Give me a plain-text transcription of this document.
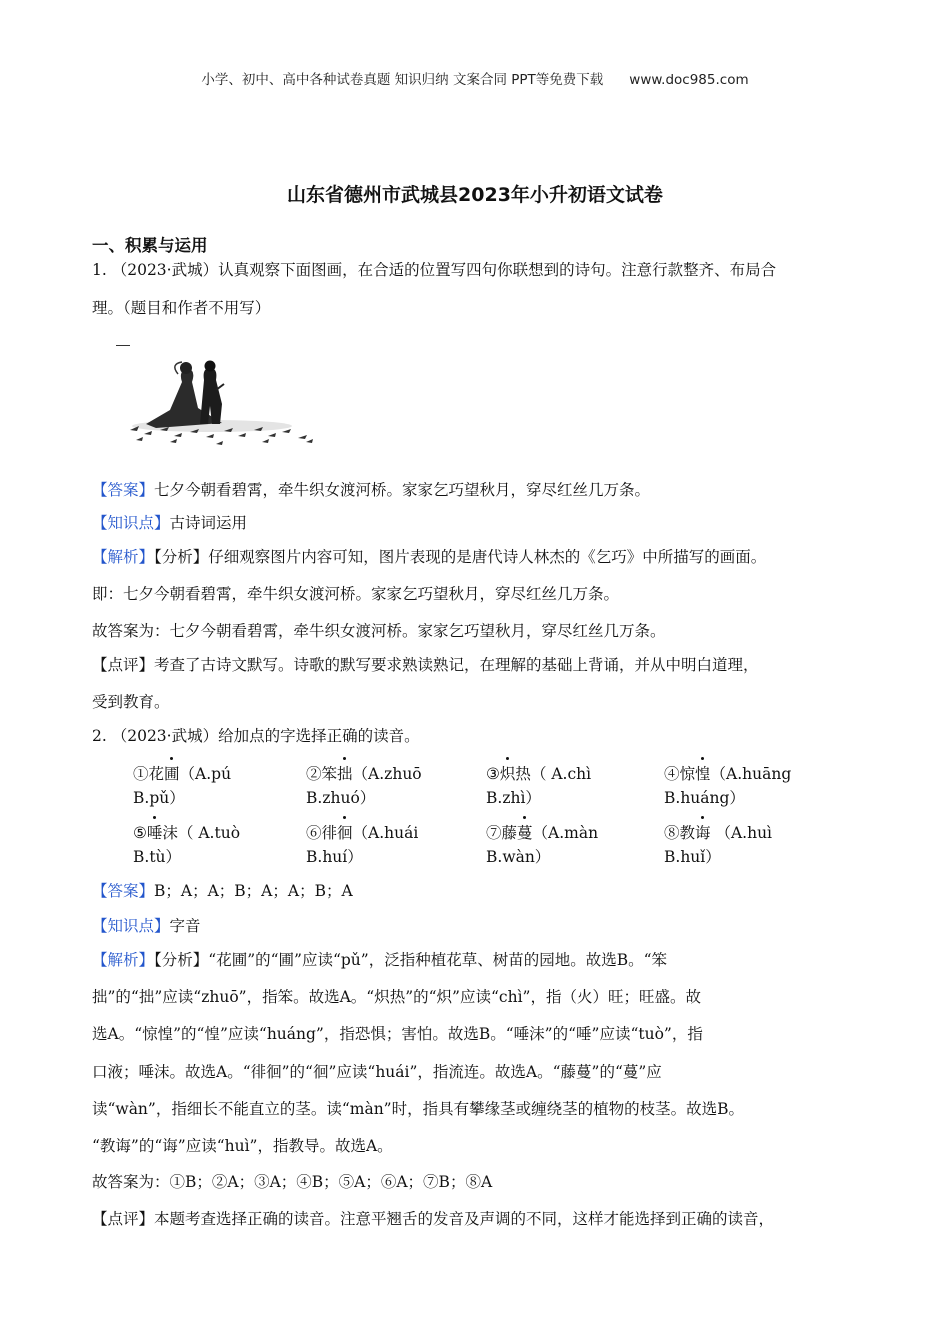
小学、初中、高中各种试卷真题 知识归纳 文案合同 PPT等免费下载 www.doc985.com
山东省德州市武城县2023年小升初语文试卷
一、积累与运用
1. （2023·武城）认真观察下面图画，在合适的位置写四句你联想到的诗句。注意行款整齐、布局合
理。（题目和作者不用写）
【答案】七夕今朝看碧霄，牵牛织女渡河桥。家家乞巧望秋月，穿尽红丝几万条。
【知识点】古诗词运用
【解析】【分析】仔细观察图片内容可知，图片表现的是唐代诗人林杰的《乞巧》中所描写的画面。
即：七夕今朝看碧霄，牵牛织女渡河桥。家家乞巧望秋月，穿尽红丝几万条。
故答案为：七夕今朝看碧霄，牵牛织女渡河桥。家家乞巧望秋月，穿尽红丝几万条。
【点评】考查了古诗文默写。诗歌的默写要求熟读熟记，在理解的基础上背诵，并从中明白道理，
受到教育。
2. （2023·武城）给加点的字选择正确的读音。
①花圃（A.pú
B.pǔ）
②笨拙（A.zhuō
B.zhuó）
③炽热（ A.chì
B.zhì）
④惊惶（A.huāng
B.huáng）
⑤唾沫（ A.tuò
B.tù）
⑥徘徊（A.huái
B.huí）
⑦藤蔓（A.màn
B.wàn）
⑧教诲 （A.huì
B.huǐ）
【答案】B；A；A；B；A；A；B；A
【知识点】字音
【解析】【分析】“花圃”的“圃”应读“pǔ”，泛指种植花草、树苗的园地。故选B。“笨
拙”的“拙”应读“zhuō”，指笨。故选A。“炽热”的“炽”应读“chì”，指（火）旺；旺盛。故
选A。“惊惶”的“惶”应读“huáng”，指恐惧；害怕。故选B。“唾沫”的“唾”应读“tuò”，指
口液；唾沫。故选A。“徘徊”的“徊”应读“huái”，指流连。故选A。“藤蔓”的“蔓”应
读“wàn”，指细长不能直立的茎。读“màn”时，指具有攀缘茎或缠绕茎的植物的枝茎。故选B。
“教诲”的“诲”应读“huì”，指教导。故选A。
故答案为：①B；②A；③A；④B；⑤A；⑥A；⑦B；⑧A
【点评】本题考查选择正确的读音。注意平翘舌的发音及声调的不同，这样才能选择到正确的读音，
